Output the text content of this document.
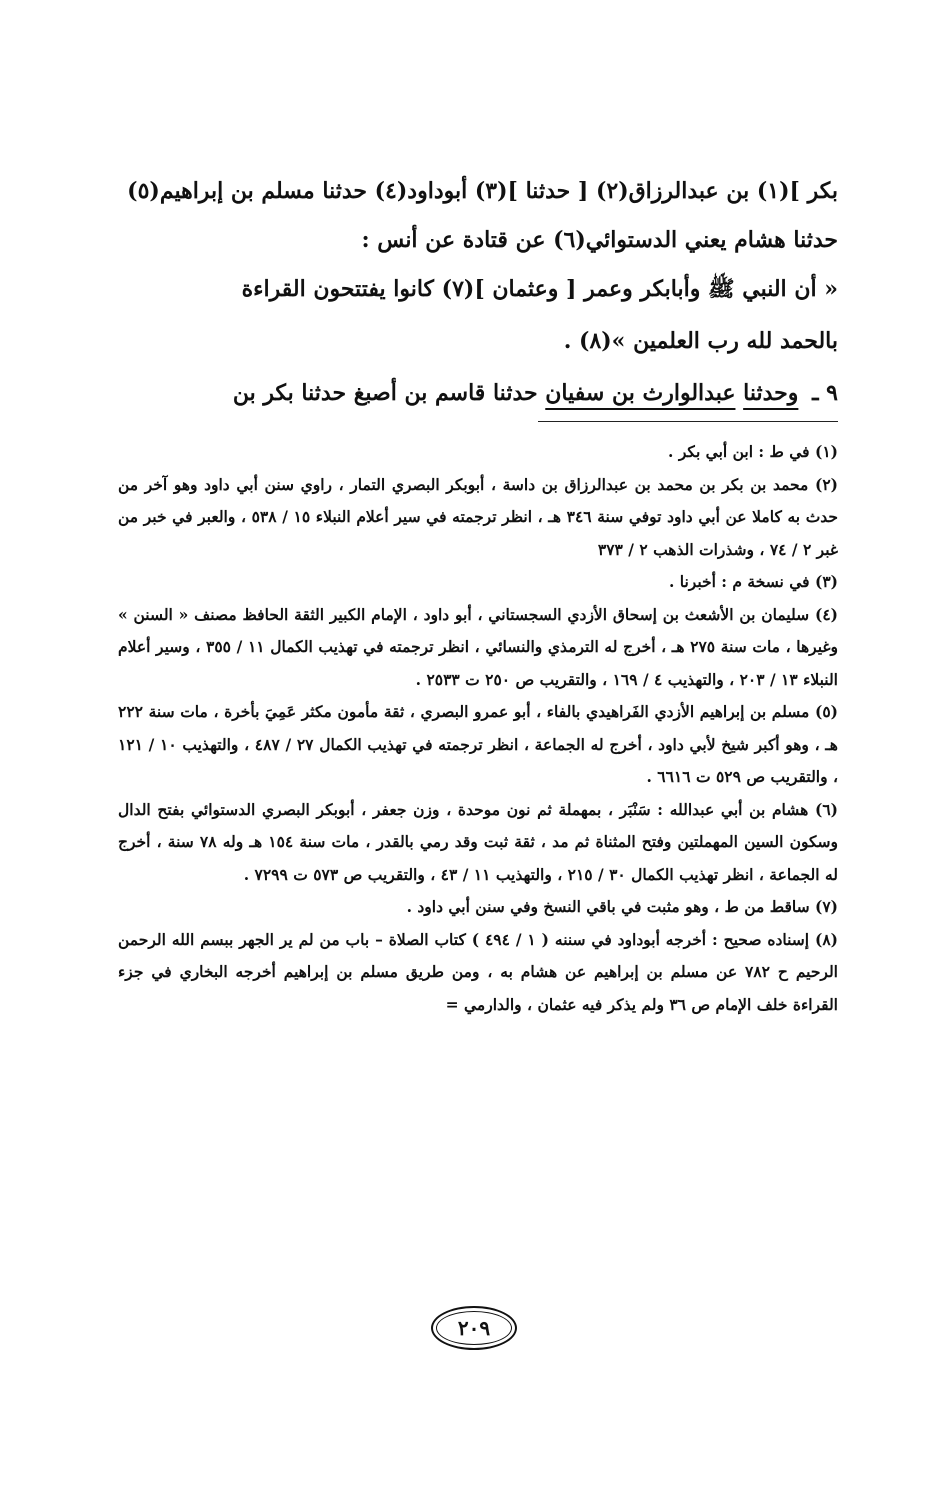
بكر ](١) بن عبدالرزاق(٢) [ حدثنا ](٣) أبوداود(٤) حدثنا مسلم بن إبراهيم(٥)

حدثنا هشام يعني الدستوائي(٦) عن قتادة عن أنس :

« أن النبي ﷺ وأبابكر وعمر [ وعثمان ](٧) كانوا يفتتحون القراءة

بالحمد لله رب العلمين »(٨) .

٩ ـ وحدثنا عبدالوارث بن سفيان حدثنا قاسم بن أصبغ حدثنا بكر بن

(١) في ط : ابن أبي بكر .

(٢) محمد بن بكر بن محمد بن عبدالرزاق بن داسة ، أبوبكر البصري التمار ، راوي سنن أبي داود وهو آخر من حدث به كاملا عن أبي داود توفي سنة ٣٤٦ هـ ، انظر ترجمته في سير أعلام النبلاء ١٥ / ٥٣٨ ، والعبر في خبر من غبر ٢ / ٧٤ ، وشذرات الذهب ٢ / ٣٧٣

(٣) في نسخة م : أخبرنا .

(٤) سليمان بن الأشعث بن إسحاق الأزدي السجستاني ، أبو داود ، الإمام الكبير الثقة الحافظ مصنف « السنن » وغيرها ، مات سنة ٢٧٥ هـ ، أخرج له الترمذي والنسائي ، انظر ترجمته في تهذيب الكمال ١١ / ٣٥٥ ، وسير أعلام النبلاء ١٣ / ٢٠٣ ، والتهذيب ٤ / ١٦٩ ، والتقريب ص ٢٥٠ ت ٢٥٣٣ .

(٥) مسلم بن إبراهيم الأزدي الفَراهيدي بالفاء ، أبو عمرو البصري ، ثقة مأمون مكثر عَمِيَ بأخرة ، مات سنة ٢٢٢ هـ ، وهو أكبر شيخ لأبي داود ، أخرج له الجماعة ، انظر ترجمته في تهذيب الكمال ٢٧ / ٤٨٧ ، والتهذيب ١٠ / ١٢١ ، والتقريب ص ٥٢٩ ت ٦٦١٦ .

(٦) هشام بن أبي عبدالله : سَنْبَر ، بمهملة ثم نون موحدة ، وزن جعفر ، أبوبكر البصري الدستوائي بفتح الدال وسكون السين المهملتين وفتح المثناة ثم مد ، ثقة ثبت وقد رمي بالقدر ، مات سنة ١٥٤ هـ وله ٧٨ سنة ، أخرج له الجماعة ، انظر تهذيب الكمال ٣٠ / ٢١٥ ، والتهذيب ١١ / ٤٣ ، والتقريب ص ٥٧٣ ت ٧٢٩٩ .

(٧) ساقط من ط ، وهو مثبت في باقي النسخ وفي سنن أبي داود .

(٨) إسناده صحيح : أخرجه أبوداود في سننه ( ١ / ٤٩٤ ) كتاب الصلاة – باب من لم ير الجهر ببسم الله الرحمن الرحيم ح ٧٨٢ عن مسلم بن إبراهيم عن هشام به ، ومن طريق مسلم بن إبراهيم أخرجه البخاري في جزء القراءة خلف الإمام ص ٣٦ ولم يذكر فيه عثمان ، والدارمي =

٢٠٩
